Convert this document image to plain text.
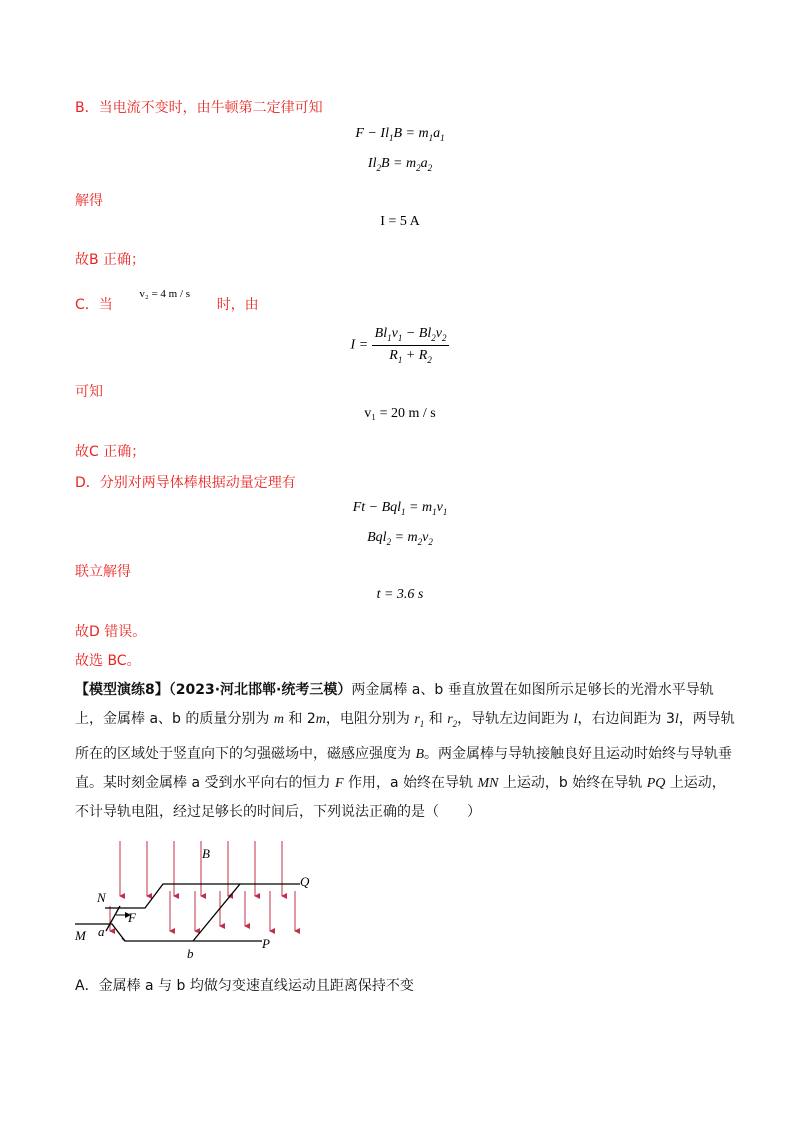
B．当电流不变时，由牛顿第二定律可知
$F - Il_1B = m_1a_1$
$Il_2B = m_2a_2$
解得
I = 5 A
故B 正确；
C．当 v₂ = 4 m / s 时，由
$I = \frac{Bl_1v_1 - Bl_2v_2}{R_1 + R_2}$
可知
v₁ = 20 m / s
故C 正确；
D．分别对两导体棒根据动量定理有
$Ft - Bql_1 = m_1v_1$
$Bql_2 = m_2v_2$
联立解得
t = 3.6 s
故D 错误。
故选 BC。
【模型演练8】（2023·河北邯郸·统考三模）两金属棒 a、b 垂直放置在如图所示足够长的光滑水平导轨上，金属棒 a、b 的质量分别为 m 和 2m，电阻分别为 $r_1$ 和 $r_2$，导轨左边间距为 l，右边间距为 3l，两导轨所在的区域处于竖直向下的匀强磁场中，磁感应强度为 B。两金属棒与导轨接触良好且运动时始终与导轨垂直。某时刻金属棒 a 受到水平向右的恒力 F 作用，a 始终在导轨 MN 上运动，b 始终在导轨 PQ 上运动，不计导轨电阻，经过足够长的时间后，下列说法正确的是（　　）
B
N
M
Q
P
a
b
F
A．金属棒 a 与 b 均做匀变速直线运动且距离保持不变
